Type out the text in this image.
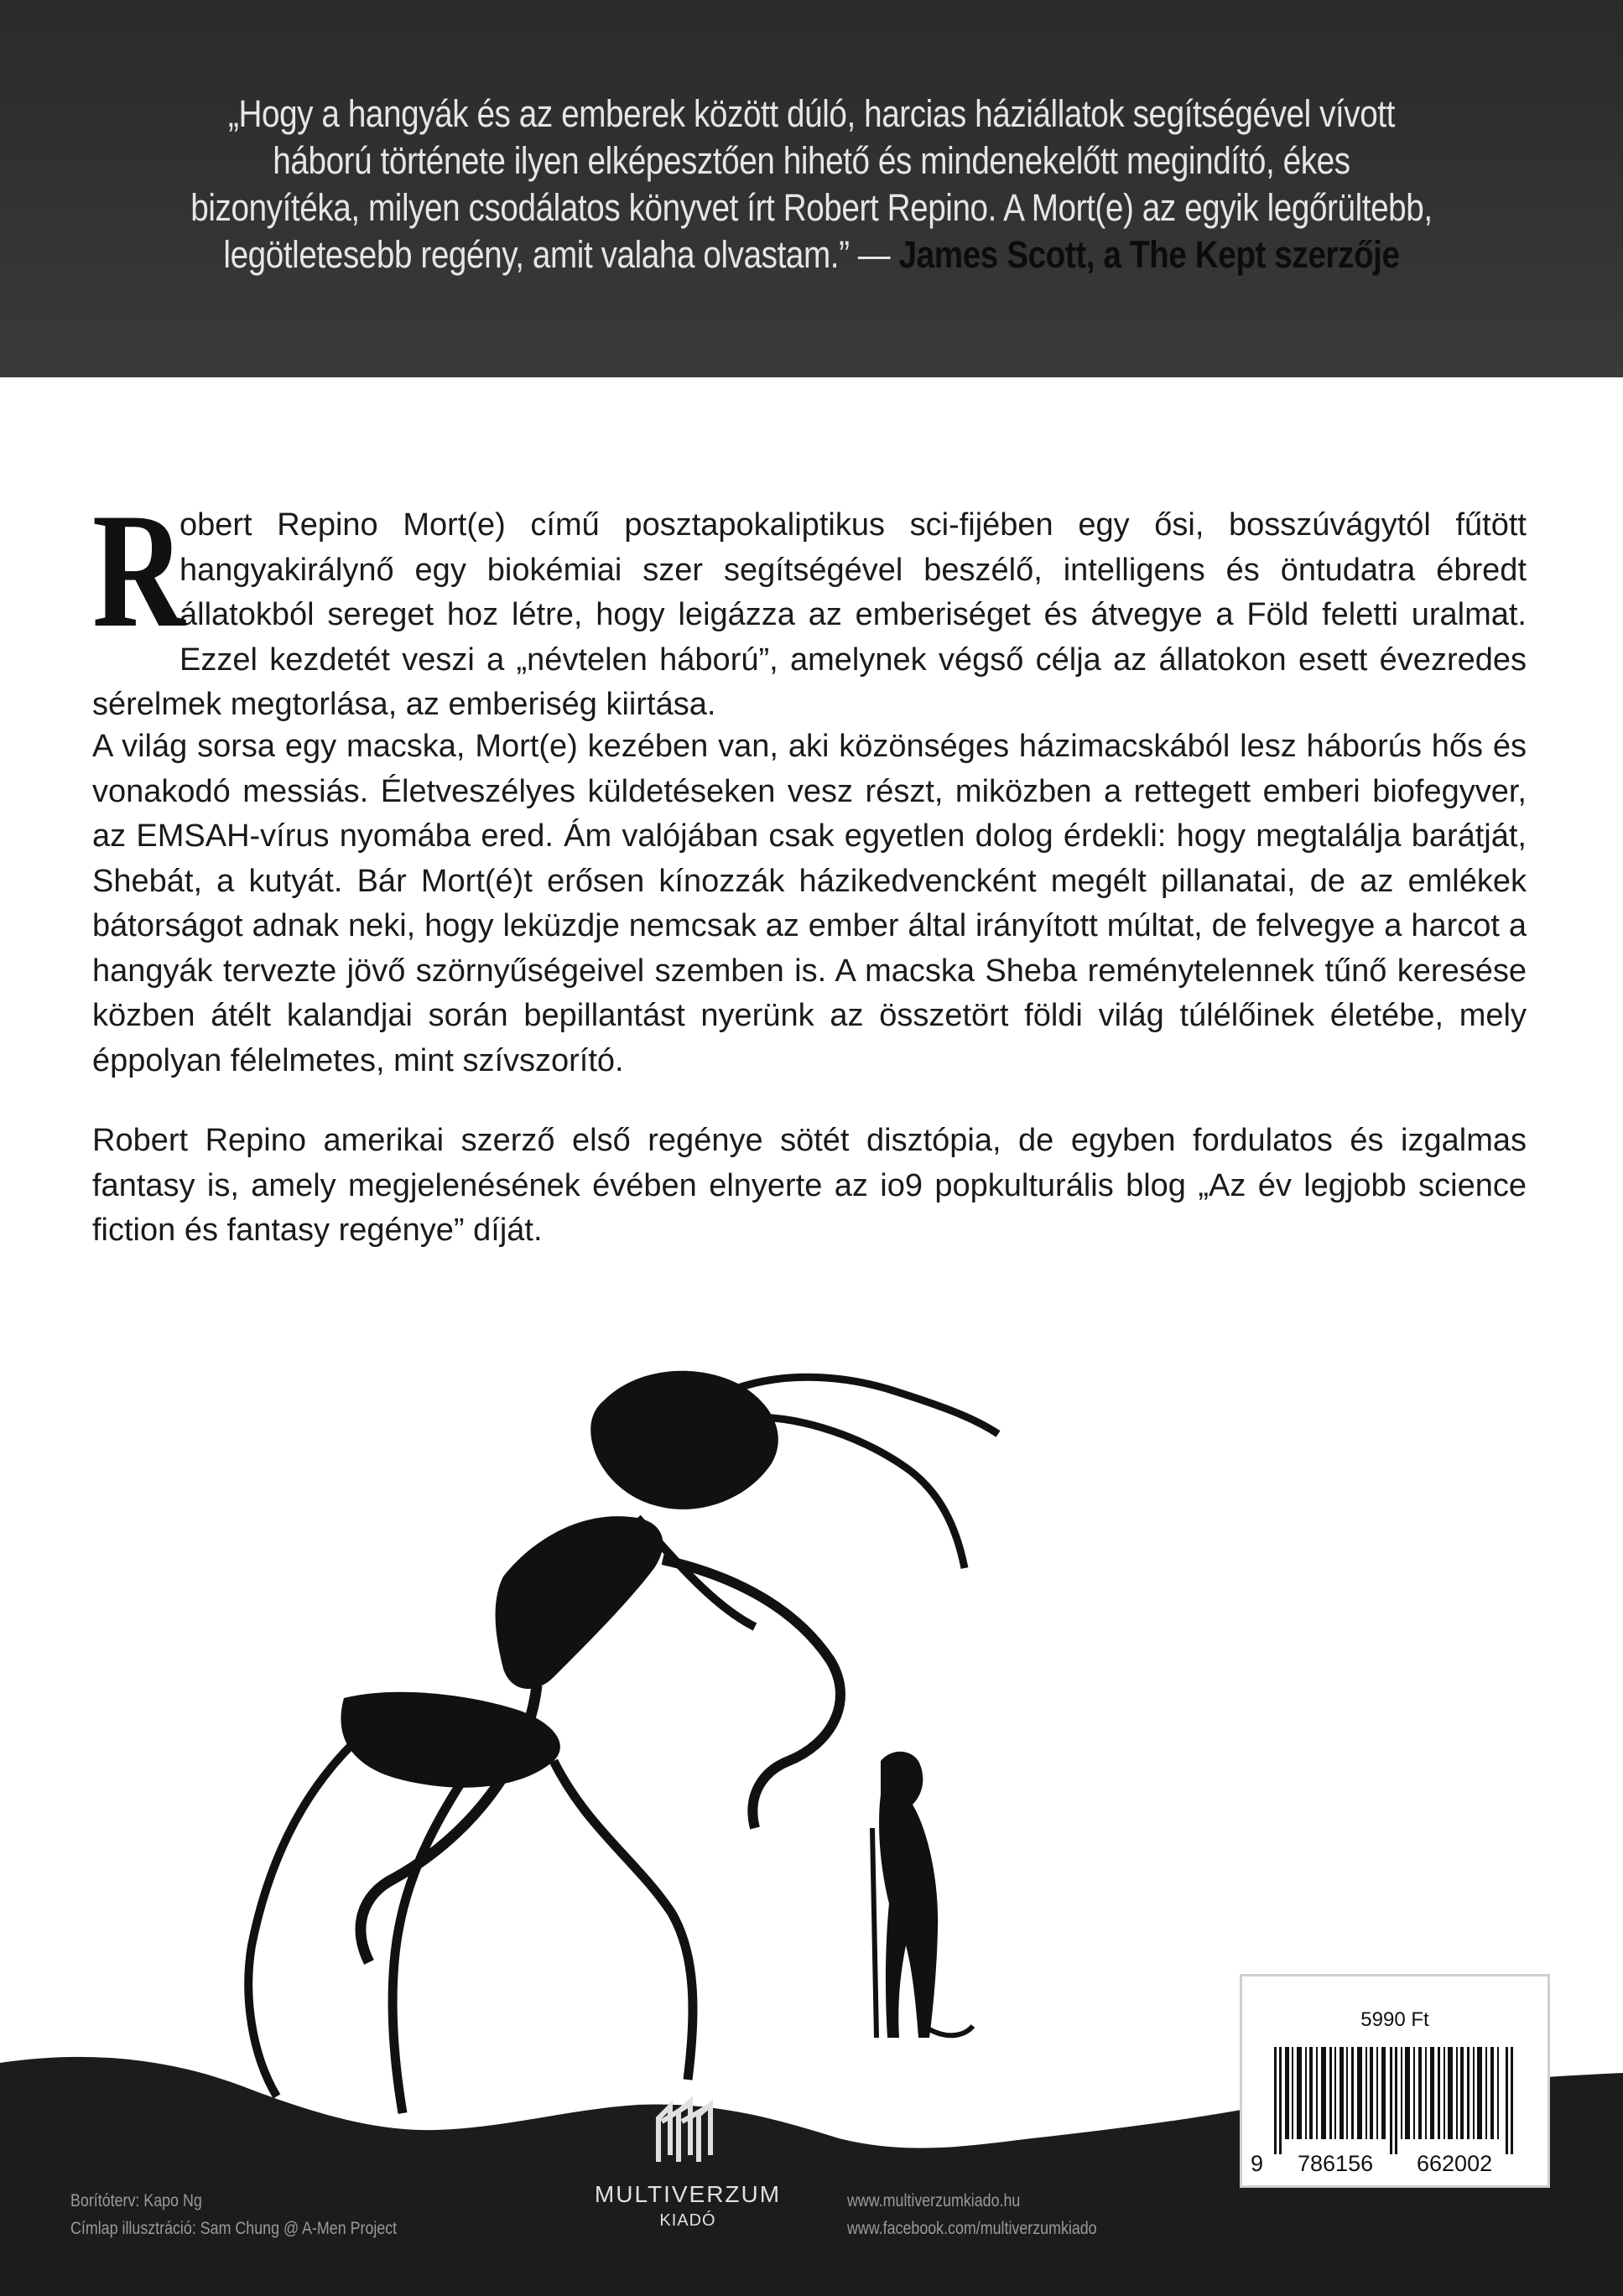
„Hogy a hangyák és az emberek között dúló, harcias háziállatok segítségével vívott háború története ilyen elképesztően hihető és mindenekelőtt megindító, ékes bizonyítéka, milyen csodálatos könyvet írt Robert Repino. A Mort(e) az egyik legőrültebb, legötletesebb regény, amit valaha olvastam.” — James Scott, a The Kept szerzője
R
obert Repino Mort(e) című posztapokaliptikus sci-fijében egy ősi, bosszúvágytól fűtött hangyakirálynő egy biokémiai szer segítségével beszélő, intelligens és öntudatra ébredt állatokból sereget hoz létre, hogy leigázza az emberiséget és átvegye a Föld feletti uralmat. Ezzel kezdetét veszi a „névtelen háború”, amelynek végső célja az állatokon esett évezredes sérelmek megtorlása, az emberiség kiirtása.
A világ sorsa egy macska, Mort(e) kezében van, aki közönséges házimacskából lesz háborús hős és vonakodó messiás. Életveszélyes küldetéseken vesz részt, miközben a rettegett emberi biofegyver, az EMSAH-vírus nyomába ered. Ám valójában csak egyetlen dolog érdekli: hogy megtalálja barátját, Shebát, a kutyát. Bár Mort(é)t erősen kínozzák házikedvencként megélt pillanatai, de az emlékek bátorságot adnak neki, hogy leküzdje nemcsak az ember által irányított múltat, de felvegye a harcot a hangyák tervezte jövő szörnyűségeivel szemben is. A macska Sheba reménytelennek tűnő keresése közben átélt kalandjai során bepillantást nyerünk az összetört földi világ túlélőinek életébe, mely éppolyan félelmetes, mint szívszorító.
Robert Repino amerikai szerző első regénye sötét disztópia, de egyben fordulatos és izgalmas fantasy is, amely megjelenésének évében elnyerte az io9 popkulturális blog „Az év legjobb science fiction és fantasy regénye” díját.
Borítóterv: Kapo Ng
Címlap illusztráció: Sam Chung @ A-Men Project
MULTIVERZUM
KIADÓ
www.multiverzumkiado.hu
www.facebook.com/multiverzumkiado
5990 Ft
9 786156 662002
